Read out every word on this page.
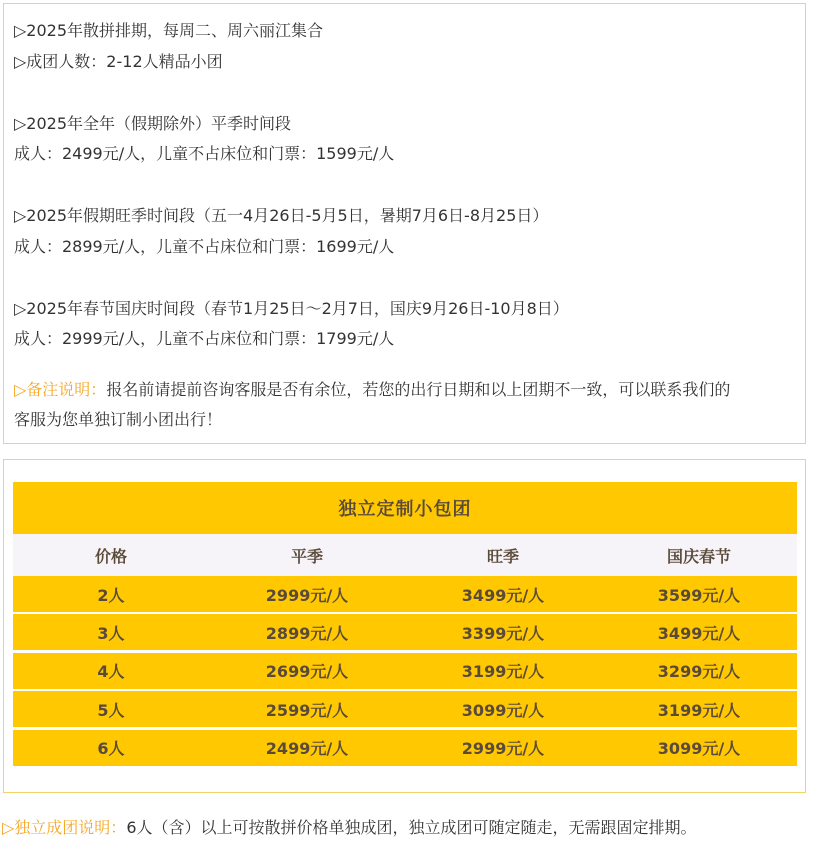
▷2025年散拼排期，每周二、周六丽江集合
▷成团人数：2-12人精品小团
▷2025年全年（假期除外）平季时间段
成人：2499元/人，儿童不占床位和门票：1599元/人
▷2025年假期旺季时间段（五一4月26日-5月5日，暑期7月6日-8月25日）
成人：2899元/人，儿童不占床位和门票：1699元/人
▷2025年春节国庆时间段（春节1月25日～2月7日，国庆9月26日-10月8日）
成人：2999元/人，儿童不占床位和门票：1799元/人
▷备注说明：报名前请提前咨询客服是否有余位，若您的出行日期和以上团期不一致，可以联系我们的
客服为您单独订制小团出行！
独立定制小包团
价格	平季	旺季	国庆春节
2人	2999元/人	3499元/人	3599元/人
3人	2899元/人	3399元/人	3499元/人
4人	2699元/人	3199元/人	3299元/人
5人	2599元/人	3099元/人	3199元/人
6人	2499元/人	2999元/人	3099元/人
▷独立成团说明：6人（含）以上可按散拼价格单独成团，独立成团可随定随走，无需跟固定排期。
